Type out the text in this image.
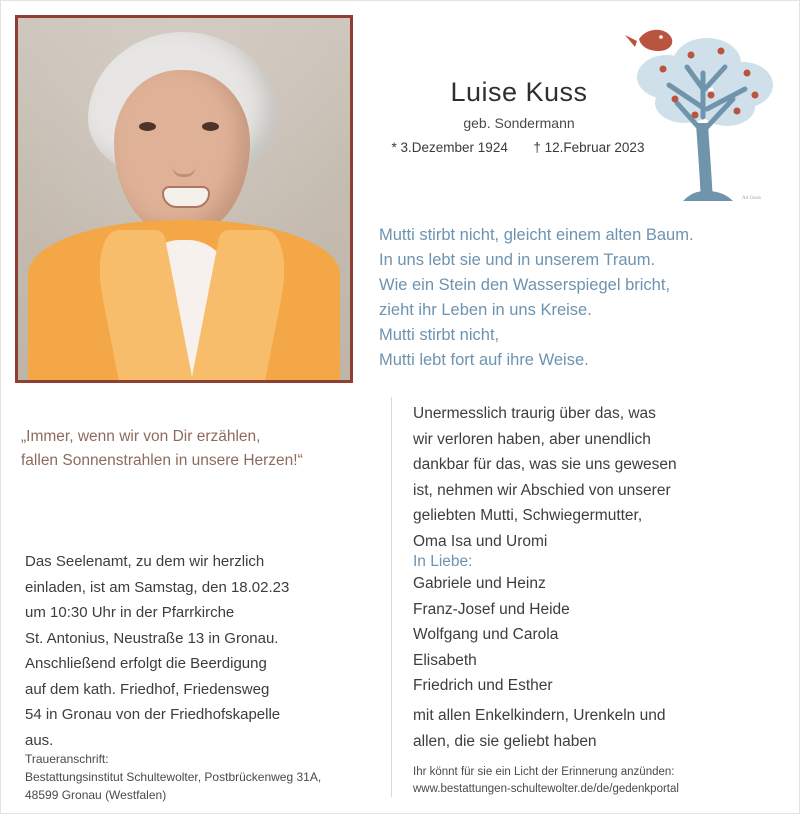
Art Oasis
Luise Kuss
geb. Sondermann
* 3.Dezember 1924 † 12.Februar 2023
Mutti stirbt nicht, gleicht einem alten Baum.
In uns lebt sie und in unserem Traum.
Wie ein Stein den Wasserspiegel bricht,
zieht ihr Leben in uns Kreise.
Mutti stirbt nicht,
Mutti lebt fort auf ihre Weise.
„Immer, wenn wir von Dir erzählen,
fallen Sonnenstrahlen in unsere Herzen!“
Das Seelenamt, zu dem wir herzlich
einladen, ist am Samstag, den 18.02.23
um 10:30 Uhr in der Pfarrkirche
St. Antonius, Neustraße 13 in Gronau.
Anschließend erfolgt die Beerdigung
auf dem kath. Friedhof, Friedensweg
54 in Gronau von der Friedhofskapelle
aus.
Traueranschrift:
Bestattungsinstitut Schultewolter, Postbrückenweg 31A,
48599 Gronau (Westfalen)
Unermesslich traurig über das, was
wir verloren haben, aber unendlich
dankbar für das, was sie uns gewesen
ist, nehmen wir Abschied von unserer
geliebten Mutti, Schwiegermutter,
Oma Isa und Uromi
In Liebe:
Gabriele und Heinz
Franz-Josef und Heide
Wolfgang und Carola
Elisabeth
Friedrich und Esther
mit allen Enkelkindern, Urenkeln und
allen, die sie geliebt haben
Ihr könnt für sie ein Licht der Erinnerung anzünden:
www.bestattungen-schultewolter.de/de/gedenkportal
